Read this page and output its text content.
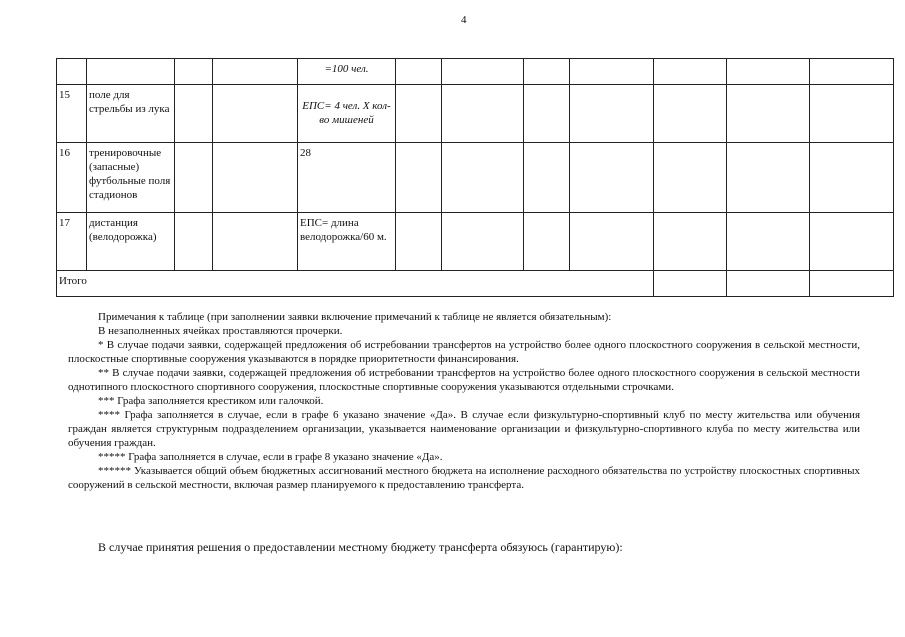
4
				=100 чел.							
15	поле для стрельбы из лука			ЕПС= 4 чел. X кол-во мишеней							
16	тренировочные (запасные) футбольные поля стадионов			28							
17	дистанция (велодорожка)			ЕПС= длина велодорожка/60 м.							
Итого											

Примечания к таблице (при заполнении заявки включение примечаний к таблице не является обязательным):

В незаполненных ячейках проставляются прочерки.

* В случае подачи заявки, содержащей предложения об истребовании трансфертов на устройство более одного плоскостного сооружения в сельской местности, плоскостные спортивные сооружения указываются в порядке приоритетности финансирования.

** В случае подачи заявки, содержащей предложения об истребовании трансфертов на устройство более одного плоскостного сооружения в сельской местности однотипного плоскостного спортивного сооружения, плоскостные спортивные сооружения указываются отдельными строчками.

*** Графа заполняется крестиком или галочкой.

**** Графа заполняется в случае, если в графе 6 указано значение «Да». В случае если физкультурно-спортивный клуб по месту жительства или обучения граждан является структурным подразделением организации, указывается наименование организации и физкультурно-спортивного клуба по месту жительства или обучения граждан.

***** Графа заполняется в случае, если в графе 8 указано значение «Да».

****** Указывается общий объем бюджетных ассигнований местного бюджета на исполнение расходного обязательства по устройству плоскостных спортивных сооружений в сельской местности, включая размер планируемого к предоставлению трансферта.

В случае принятия решения о предоставлении местному бюджету трансферта обязуюсь (гарантирую):
